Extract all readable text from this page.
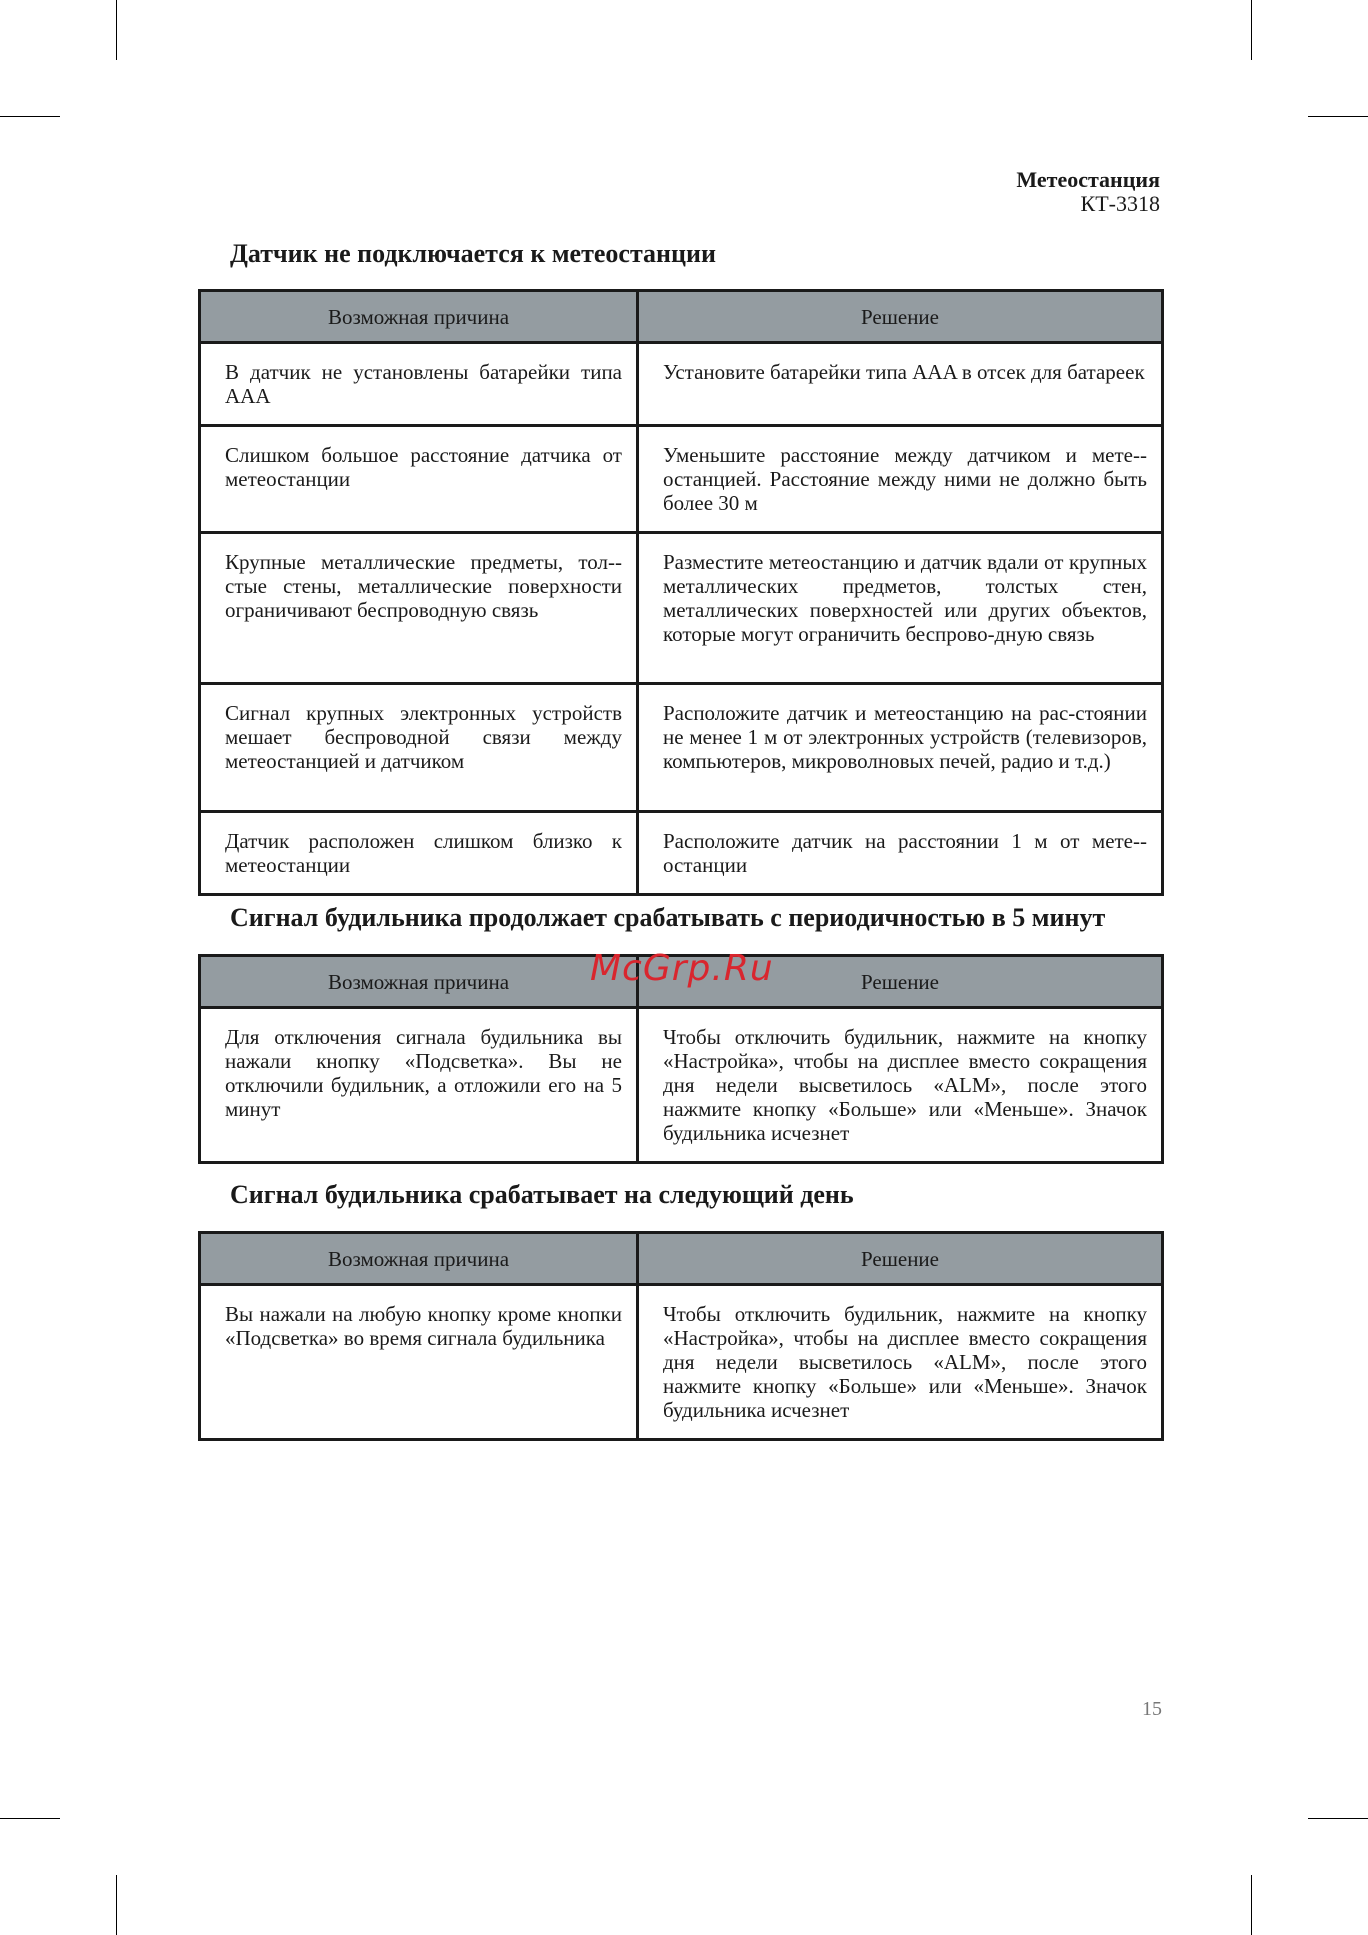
Метеостанция
КТ-3318
Датчик не подключается к метеостанции
Возможная причина	Решение
В датчик не установлены батарейки типа AAA	Установите батарейки типа AAA в отсек для батареек
Слишком большое расстояние датчика от метеостанции	Уменьшите расстояние между датчиком и мете-останцией. Расстояние между ними не должно быть более 30 м
Крупные металлические предметы, тол-стые стены, металлические поверхности ограничивают беспроводную связь	Разместите метеостанцию и датчик вдали от крупных металлических предметов, толстых стен, металлических поверхностей или других объектов, которые могут ограничить беспрово-дную связь
Сигнал крупных электронных устройств мешает беспроводной связи между метеостанцией и датчиком	Расположите датчик и метеостанцию на рас-стоянии не менее 1 м от электронных устройств (телевизоров, компьютеров, микроволновых печей, радио и т.д.)
Датчик расположен слишком близко к метеостанции	Расположите датчик на расстоянии 1 м от мете-останции
Сигнал будильника продолжает срабатывать с периодичностью в 5 минут
Возможная причина	Решение
Для отключения сигнала будильника вы нажали кнопку «Подсветка». Вы не отключили будильник, а отложили его на 5 минут	Чтобы отключить будильник, нажмите на кнопку «Настройка», чтобы на дисплее вместо сокращения дня недели высветилось «ALM», после этого нажмите кнопку «Больше» или «Меньше». Значок будильника исчезнет
Сигнал будильника срабатывает на следующий день
Возможная причина	Решение
Вы нажали на любую кнопку кроме кнопки «Подсветка» во время сигнала будильника	Чтобы отключить будильник, нажмите на кнопку «Настройка», чтобы на дисплее вместо сокращения дня недели высветилось «ALM», после этого нажмите кнопку «Больше» или «Меньше». Значок будильника исчезнет
McGrp.Ru
15
